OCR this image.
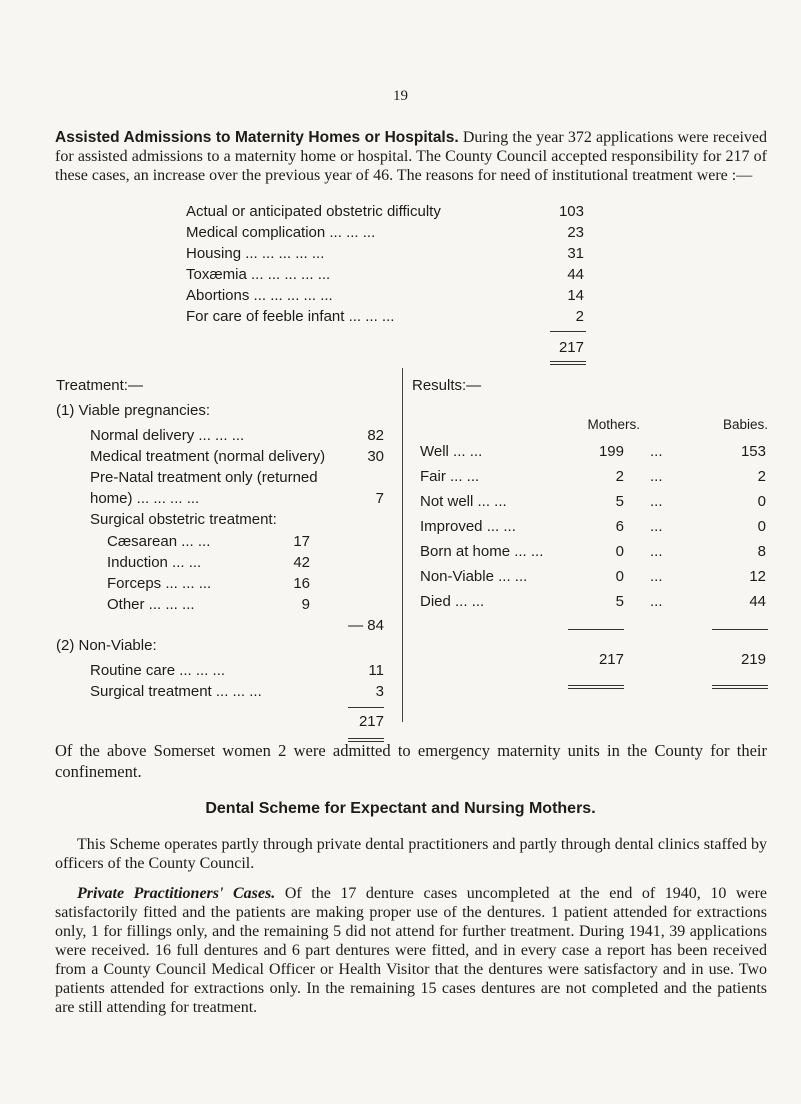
19
Assisted Admissions to Maternity Homes or Hospitals. During the year 372 applications were received for assisted admissions to a maternity home or hospital. The County Council accepted responsibility for 217 of these cases, an increase over the previous year of 46. The reasons for need of institutional treatment were :—
Actual or anticipated obstetric difficulty	103
Medical complication ... ... ...	23
Housing ... ... ... ... ...	31
Toxæmia ... ... ... ... ...	44
Abortions ... ... ... ... ...	14
For care of feeble infant ... ... ...	2
217
Treatment:—
(1) Viable pregnancies:
Normal delivery ... ... ...	82
Medical treatment (normal delivery)	30
Pre-Natal treatment only (returned
home) ... ... ... ...	7
Surgical obstetric treatment:
Cæsarean ... ...	17
Induction ... ...	42
Forceps ... ... ...	16
Other ... ... ...	9
— 84
(2) Non-Viable:
Routine care ... ... ...	11
Surgical treatment ... ... ...	3
217
Results:—
Mothers.	Babies.
Well ... ...	199 ...	153
Fair ... ...	2 ...	2
Not well ... ...	5 ...	0
Improved ... ...	6 ...	0
Born at home ... ...	0 ...	8
Non-Viable ... ...	0 ...	12
Died ... ...	5 ...	44
217	219
Of the above Somerset women 2 were admitted to emergency maternity units in the County for their confinement.
Dental Scheme for Expectant and Nursing Mothers.
This Scheme operates partly through private dental practitioners and partly through dental clinics staffed by officers of the County Council.
Private Practitioners' Cases. Of the 17 denture cases uncompleted at the end of 1940, 10 were satisfactorily fitted and the patients are making proper use of the dentures. 1 patient attended for extractions only, 1 for fillings only, and the remaining 5 did not attend for further treatment. During 1941, 39 applications were received. 16 full dentures and 6 part dentures were fitted, and in every case a report has been received from a County Council Medical Officer or Health Visitor that the dentures were satisfactory and in use. Two patients attended for extractions only. In the remaining 15 cases dentures are not completed and the patients are still attending for treatment.
